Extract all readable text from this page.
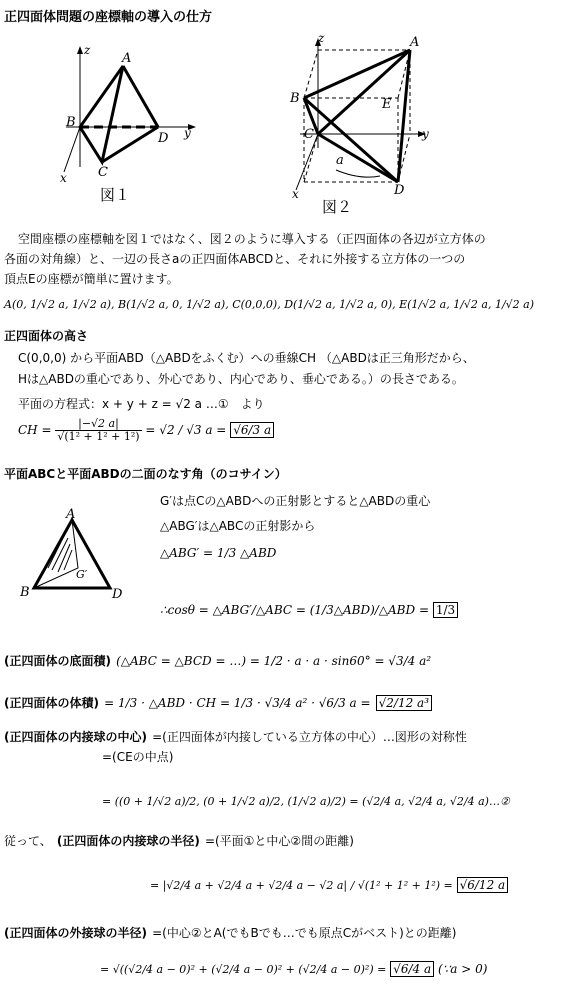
正四面体問題の座標軸の導入の仕方
z
A
B
C
D y
x
図１
z	A
B	E
C
a
D
y
x
図２
空間座標の座標軸を図１ではなく、図２のように導入する（正四面体の各辺が立方体の
各面の対角線）と、一辺の長さaの正四面体ABCDと、それに外接する立方体の一つの
頂点Eの座標が簡単に置けます。
A(0, 1/√2 a, 1/√2 a), B(1/√2 a, 0, 1/√2 a), C(0,0,0), D(1/√2 a, 1/√2 a, 0), E(1/√2 a, 1/√2 a, 1/√2 a)
正四面体の高さ
C(0,0,0) から平面ABD（△ABDをふくむ）への垂線CH （△ABDは正三角形だから、
Hは△ABDの重心であり、外心であり、内心であり、垂心である。）の長さである。
平面の方程式：x + y + z = √2 a …①　より
CH = $\frac{|-√2 a|}{\text{√(1² + 1² + 1²)}} = √2 / √3$ a = √6/3 a
平面ABCと平面ABDの二面のなす角（のコサイン）
A
B	D
G′
G′は点Cの△ABDへの正射影とすると△ABDの重心
△ABG′は△ABCの正射影から
△ABG′ = 1/3 △ABD
∴cosθ = △ABG′/△ABC = (1/3△ABD)/△ABD = 1/3
(正四面体の底面積) (△ABC = △BCD = …) = 1/2 · a · a · sin60° = √3/4 a²
(正四面体の体積) = 1/3 · △ABD · CH = 1/3 · √3/4 a² · √6/3 a = √2/12 a³
(正四面体の内接球の中心) =(正四面体が内接している立方体の中心）…図形の対称性
=(CEの中点)
= ((0 + 1/√2 a)/2, (0 + 1/√2 a)/2, (1/√2 a)/2) = (√2/4 a, √2/4 a, √2/4 a)…②
従って、 (正四面体の内接球の半径) =(平面①と中心②間の距離)
= |√2/4 a + √2/4 a + √2/4 a − √2 a| / √(1² + 1² + 1²) = √6/12 a
(正四面体の外接球の半径) =(中心②とA(でもBでも…でも原点Cがベスト)との距離)
= √((√2/4 a − 0)² + (√2/4 a − 0)² + (√2/4 a − 0)²) = √6/4 a (∵a > 0)
